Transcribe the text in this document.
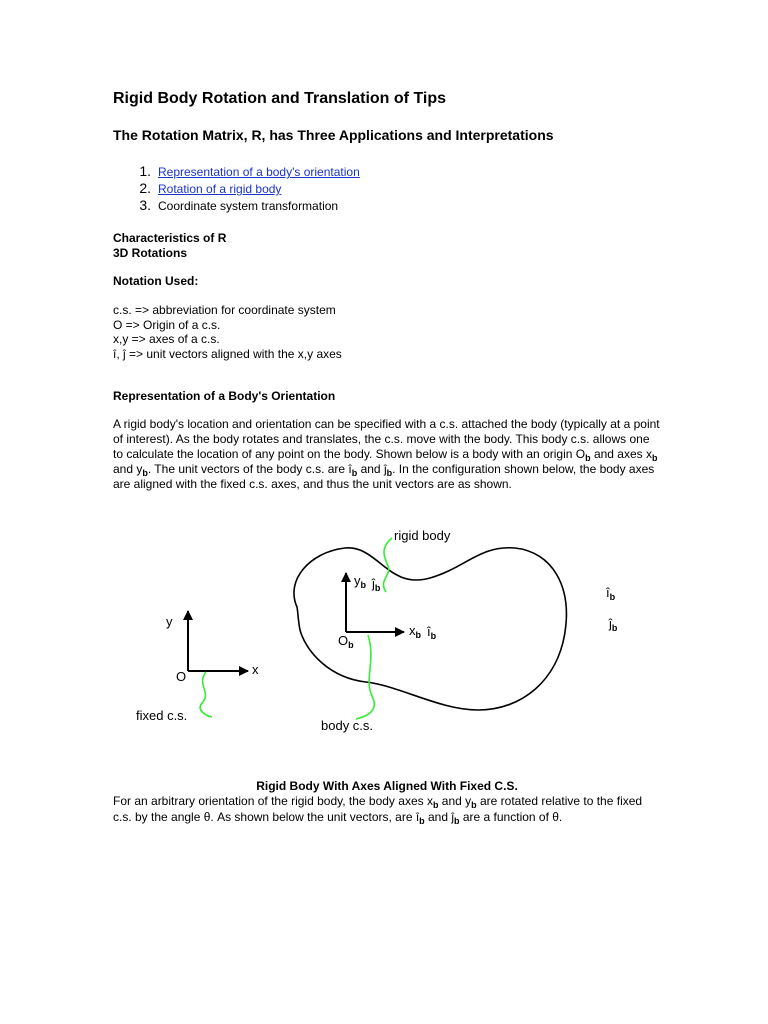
Rigid Body Rotation and Translation of Tips
The Rotation Matrix, R, has Three Applications and Interpretations
1. Representation of a body's orientation
2. Rotation of a rigid body
3. Coordinate system transformation
Characteristics of R
3D Rotations
Notation Used:
c.s. => abbreviation for coordinate system
O => Origin of a c.s.
x,y => axes of a c.s.
î, ĵ => unit vectors aligned with the x,y axes
Representation of a Body's Orientation
A rigid body's location and orientation can be specified with a c.s. attached the body (typically at a point of interest). As the body rotates and translates, the c.s. move with the body. This body c.s. allows one to calculate the location of any point on the body. Shown below is a body with an origin $O_b$ and axes $x_b$ and $y_b$. The unit vectors of the body c.s. are $î_b$ and $ĵ_b$. In the configuration shown below, the body axes are aligned with the fixed c.s. axes, and thus the unit vectors are as shown.
Rigid Body With Axes Aligned With Fixed C.S.
For an arbitrary orientation of the rigid body, the body axes $x_b$ and $y_b$ are rotated relative to the fixed c.s. by the angle θ. As shown below the unit vectors, are $î_b$ and $ĵ_b$ are a function of θ.
y
x
O
$y_b$ $ĵ_b$
$x_b$ $î_b$
$O_b$
$î_b$
$ĵ_b$
rigid body
body c.s.
fixed c.s.
